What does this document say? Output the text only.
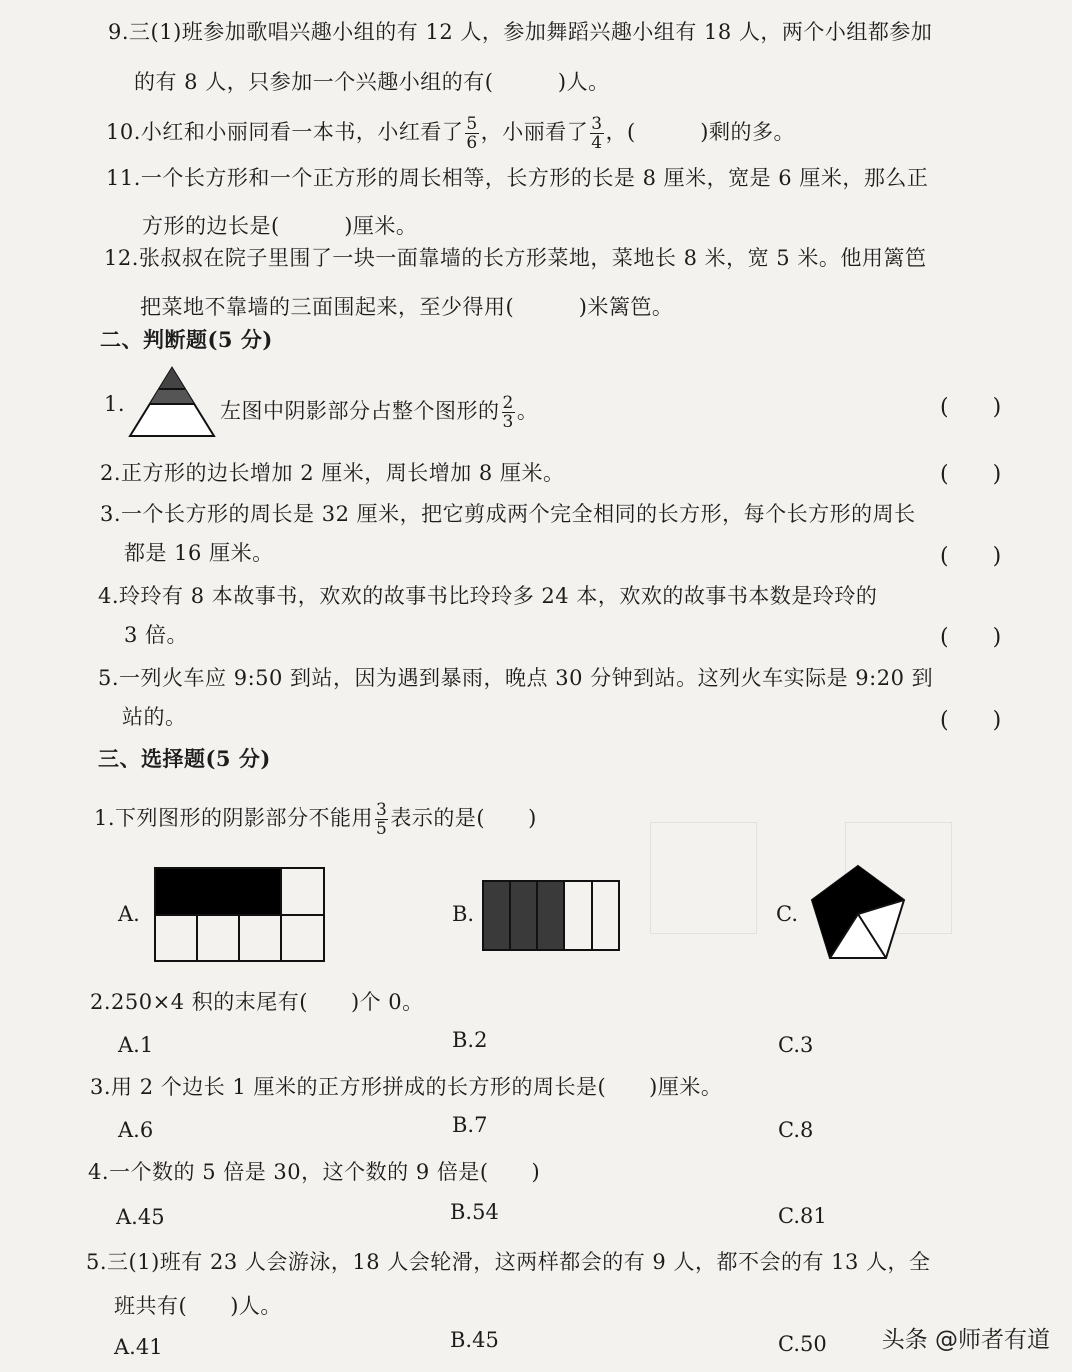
9.三(1)班参加歌唱兴趣小组的有 12 人，参加舞蹈兴趣小组有 18 人，两个小组都参加
的有 8 人，只参加一个兴趣小组的有(　　　)人。
10.小红和小丽同看一本书，小红看了 $\frac{5}{6}$ ，小丽看了 $\frac{3}{4}$ ，(　　　)剩的多。
11.一个长方形和一个正方形的周长相等，长方形的长是 8 厘米，宽是 6 厘米，那么正
方形的边长是(　　　)厘米。
12.张叔叔在院子里围了一块一面靠墙的长方形菜地，菜地长 8 米，宽 5 米。他用篱笆
把菜地不靠墙的三面围起来，至少得用(　　　)米篱笆。
二、判断题(5 分)
1.	左图中阴影部分占整个图形的 $\frac{2}{3}$ 。	(　　)
2.正方形的边长增加 2 厘米，周长增加 8 厘米。	(　　)
3.一个长方形的周长是 32 厘米，把它剪成两个完全相同的长方形，每个长方形的周长
都是 16 厘米。	(　　)
4.玲玲有 8 本故事书，欢欢的故事书比玲玲多 24 本，欢欢的故事书本数是玲玲的
3 倍。	(　　)
5.一列火车应 9:50 到站，因为遇到暴雨，晚点 30 分钟到站。这列火车实际是 9:20 到
站的。	(　　)
三、选择题(5 分)
1.下列图形的阴影部分不能用 $\frac{3}{5}$ 表示的是(　　)
A.	B.	C.
2.250×4 积的末尾有(　　)个 0。
A.1	B.2	C.3
3.用 2 个边长 1 厘米的正方形拼成的长方形的周长是(　　)厘米。
A.6	B.7	C.8
4.一个数的 5 倍是 30，这个数的 9 倍是(　　)
A.45	B.54	C.81
5.三(1)班有 23 人会游泳，18 人会轮滑，这两样都会的有 9 人，都不会的有 13 人，全
班共有(　　)人。
A.41	B.45	C.50 头条 @师者有道
